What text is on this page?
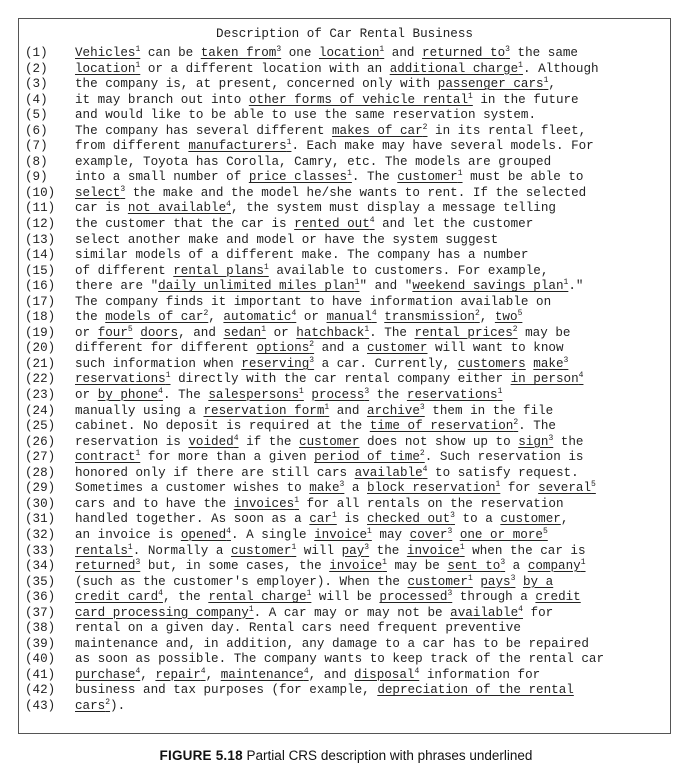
Description of Car Rental Business
(1)	Vehicles$^1$ can be taken from$^3$ one location$^1$ and returned $to^3$ the same
(2)	location$^1$ or a different location with an additional charge$^1$. Although
(3)	the company is, at present, concerned only with passenger cars$^1$,
(4)	it may branch out into other forms of vehicle rental$^1$ in the future
(5)	and would like to be able to use the same reservation system.
(6)	The company has several different makes of car$^2$ in its rental fleet,
(7)	from different manufacturers$^1$. Each make may have several models. For
(8)	example, Toyota has Corolla, Camry, etc. The models are grouped
(9)	into a small number of price classes$^1$. The customer$^1$ must be able to
(10)	select$^3$ the make and the model he/she wants to rent. If the selected
(11)	car is not available$^4$, the system must display a message telling
(12)	the customer that the car is rented out$^4$ and let the customer
(13)	select another make and model or have the system suggest
(14)	similar models of a different make. The company has a number
(15)	of different rental plans$^1$ available to customers. For example,
(16)	there are "daily unlimited miles plan$^1$" and "weekend savings plan$^1$."
(17)	The company finds it important to have information available on
(18)	the models of car$^2$, automatic$^4$ or manual$^4$ transmission$^2$, two$^5$
(19)	or four$^5$ doors, and sedan$^1$ or hatchback$^1$. The rental prices$^2$ may be
(20)	different for different options$^2$ and a customer will want to know
(21)	such information when reserving$^3$ a car. Currently, customers make$^3$
(22)	reservations$^1$ directly with the car rental company either in person$^4$
(23)	or by phone$^4$. The salespersons$^1$ process$^3$ the reservations$^1$
(24)	manually using a reservation form$^1$ and archive$^3$ them in the file
(25)	cabinet. No deposit is required at the time of reservation$^2$. The
(26)	reservation is voided$^4$ if the customer does not show up to sign$^3$ the
(27)	contract$^1$ for more than a given period of time$^2$. Such reservation is
(28)	honored only if there are still cars available$^4$ to satisfy request.
(29)	Sometimes a customer wishes to make$^3$ a block reservation$^1$ for several$^5$
(30)	cars and to have the invoices$^1$ for all rentals on the reservation
(31)	handled together. As soon as a car$^1$ is checked out$^3$ to a customer,
(32)	an invoice is opened$^4$. A single invoice$^1$ may cover$^3$ one or more$^5$
(33)	rentals$^1$. Normally a customer$^1$ will pay$^3$ the invoice$^1$ when the car is
(34)	returned$^3$ but, in some cases, the invoice$^1$ may be sent $to^3$ a company$^1$
(35)	(such as the customer's employer). When the customer$^1$ pays$^3$ by a
(36)	credit card$^4$, the rental charge$^1$ will be processed$^3$ through a credit
(37)	card processing company$^1$. A car may or may not be available$^4$ for
(38)	rental on a given day. Rental cars need frequent preventive
(39)	maintenance and, in addition, any damage to a car has to be repaired
(40)	as soon as possible. The company wants to keep track of the rental car
(41)	purchase$^4$, repair$^4$, maintenance$^4$, and disposal$^4$ information for
(42)	business and tax purposes (for example, depreciation of the rental
(43)	cars$^2$).
FIGURE 5.18 Partial CRS description with phrases underlined
